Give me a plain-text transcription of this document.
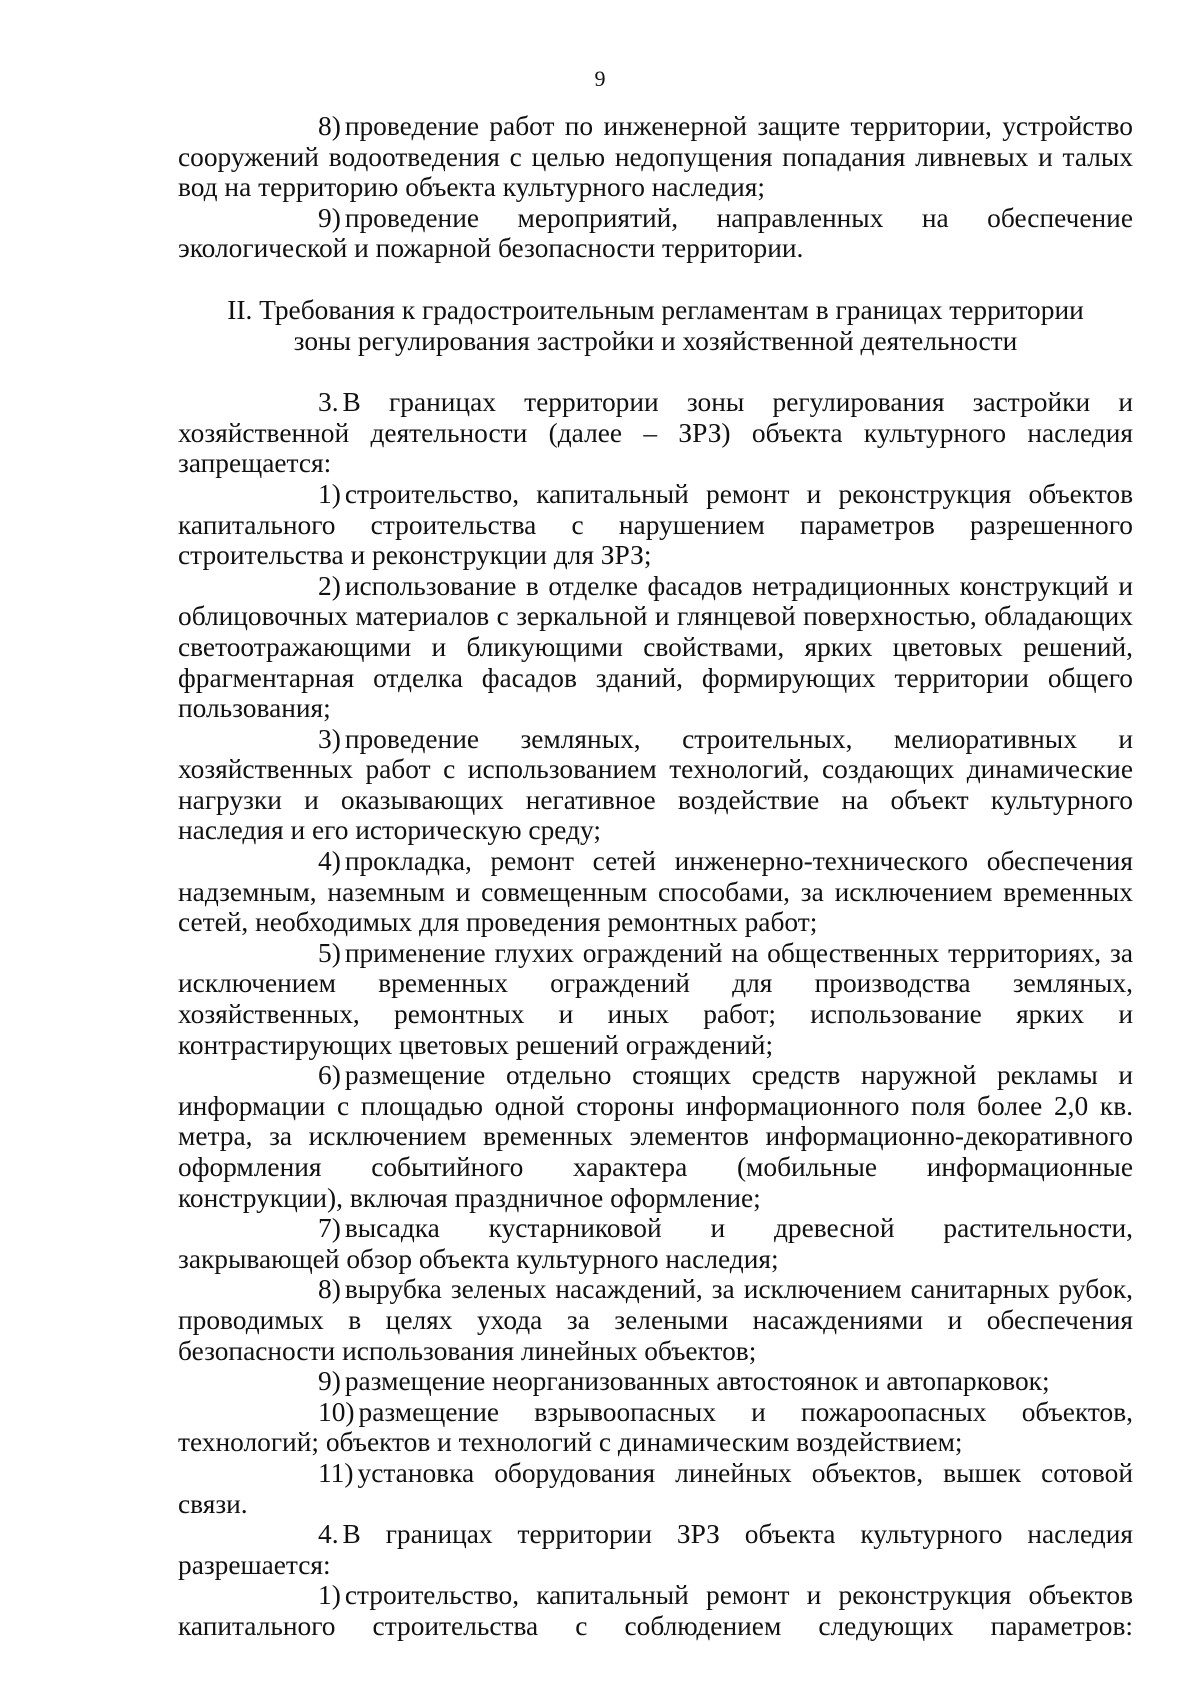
9

8) проведение работ по инженерной защите территории, устройство сооружений водоотведения с целью недопущения попадания ливневых и талых вод на территорию объекта культурного наследия;

9) проведение мероприятий, направленных на обеспечение экологической и пожарной безопасности территории.

II. Требования к градостроительным регламентам в границах территории
зоны регулирования застройки и хозяйственной деятельности

3. В границах территории зоны регулирования застройки и хозяйственной деятельности (далее – ЗРЗ) объекта культурного наследия запрещается:

1) строительство, капитальный ремонт и реконструкция объектов капитального строительства с нарушением параметров разрешенного строительства и реконструкции для ЗРЗ;

2) использование в отделке фасадов нетрадиционных конструкций и облицовочных материалов с зеркальной и глянцевой поверхностью, обладающих светоотражающими и бликующими свойствами, ярких цветовых решений, фрагментарная отделка фасадов зданий, формирующих территории общего пользования;

3) проведение земляных, строительных, мелиоративных и хозяйственных работ с использованием технологий, создающих динамические нагрузки и оказывающих негативное воздействие на объект культурного наследия и его историческую среду;

4) прокладка, ремонт сетей инженерно-технического обеспечения надземным, наземным и совмещенным способами, за исключением временных сетей, необходимых для проведения ремонтных работ;

5) применение глухих ограждений на общественных территориях, за исключением временных ограждений для производства земляных, хозяйственных, ремонтных и иных работ; использование ярких и контрастирующих цветовых решений ограждений;

6) размещение отдельно стоящих средств наружной рекламы и информации с площадью одной стороны информационного поля более 2,0 кв. метра, за исключением временных элементов информационно-декоративного оформления событийного характера (мобильные информационные конструкции), включая праздничное оформление;

7) высадка кустарниковой и древесной растительности, закрывающей обзор объекта культурного наследия;

8) вырубка зеленых насаждений, за исключением санитарных рубок, проводимых в целях ухода за зелеными насаждениями и обеспечения безопасности использования линейных объектов;

9) размещение неорганизованных автостоянок и автопарковок;

10) размещение взрывоопасных и пожароопасных объектов, технологий; объектов и технологий с динамическим воздействием;

11) установка оборудования линейных объектов, вышек сотовой связи.

4. В границах территории ЗРЗ объекта культурного наследия разрешается:

1) строительство, капитальный ремонт и реконструкция объектов капитального строительства с соблюдением следующих параметров:
